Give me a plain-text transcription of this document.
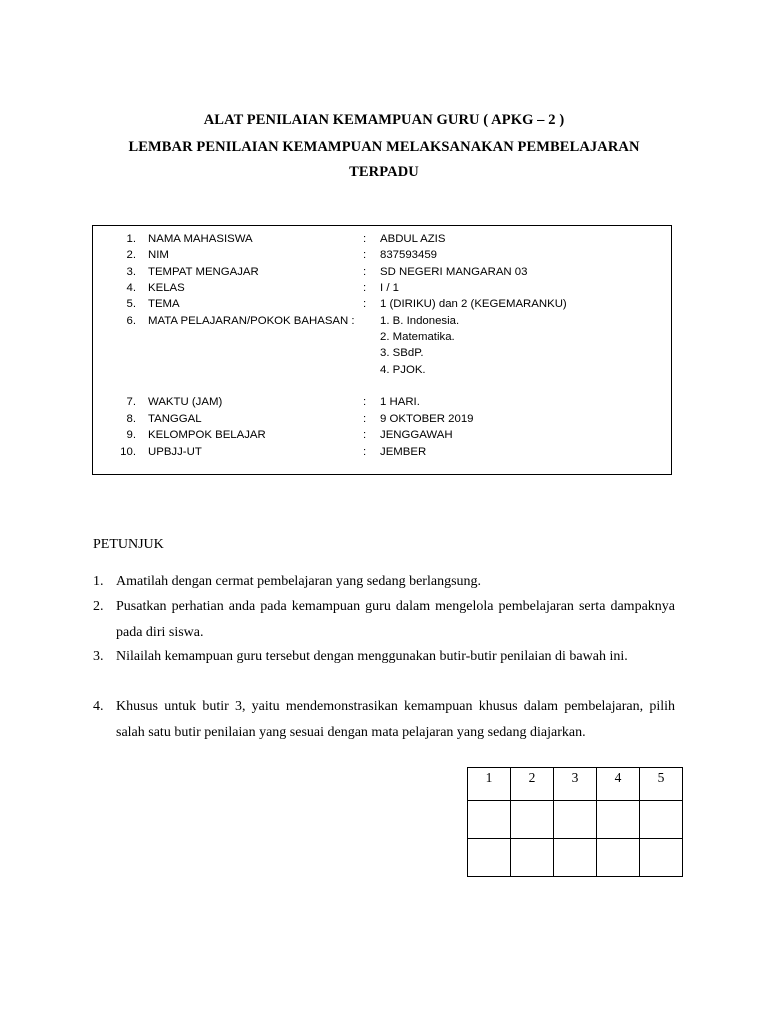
ALAT PENILAIAN KEMAMPUAN GURU ( APKG – 2 )
LEMBAR PENILAIAN KEMAMPUAN MELAKSANAKAN PEMBELAJARAN
TERPADU
1. NAMA MAHASISWA	: ABDUL AZIS
2. NIM	: 837593459
3. TEMPAT MENGAJAR	: SD NEGERI MANGARAN 03
4. KELAS	: I / 1
5. TEMA	: 1 (DIRIKU) dan 2 (KEGEMARANKU)
6. MATA PELAJARAN/POKOK BAHASAN : 1. B. Indonesia.
2. Matematika.
3. SBdP.
4. PJOK.
7. WAKTU (JAM)	: 1 HARI.
8. TANGGAL	: 9 OKTOBER 2019
9. KELOMPOK BELAJAR	: JENGGAWAH
10. UPBJJ-UT	: JEMBER
PETUNJUK
1. Amatilah dengan cermat pembelajaran yang sedang berlangsung.
2. Pusatkan perhatian anda pada kemampuan guru dalam mengelola pembelajaran serta dampaknya pada diri siswa.
3. Nilailah kemampuan guru tersebut dengan menggunakan butir-butir penilaian di bawah ini.
4. Khusus untuk butir 3, yaitu mendemonstrasikan kemampuan khusus dalam pembelajaran, pilih salah satu butir penilaian yang sesuai dengan mata pelajaran yang sedang diajarkan.
1	2	3	4	5
